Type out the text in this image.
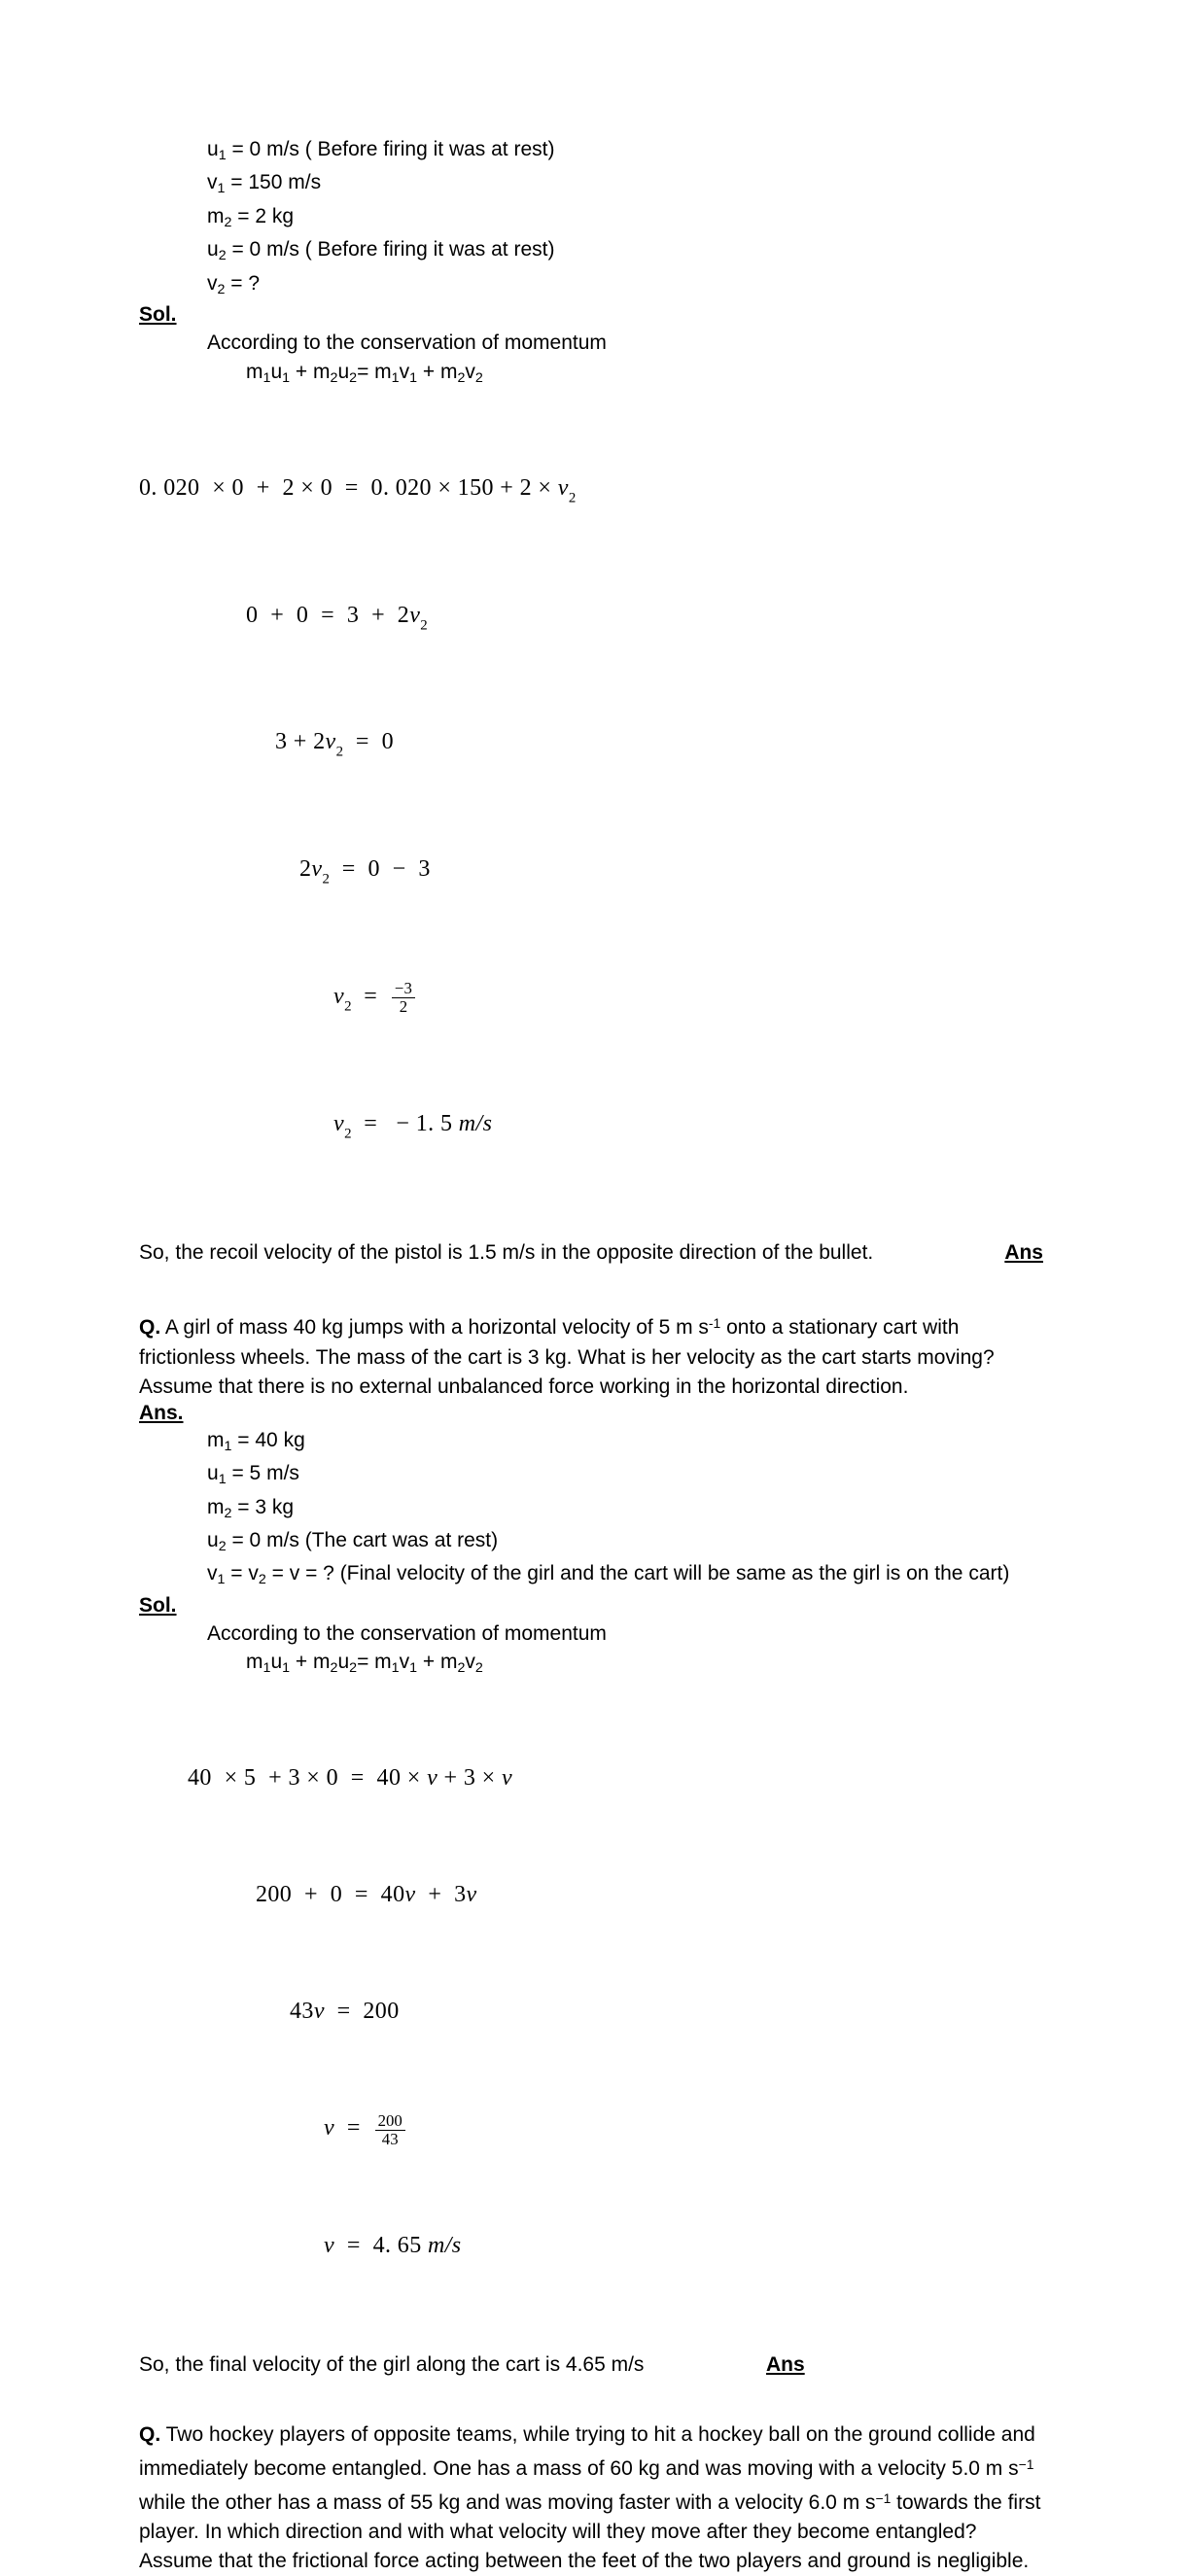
$u_1 = 0$ m/s ( Before firing it was at rest)
$v_1 = 150$ m/s
$m_2 = 2$ kg
$u_2 = 0$ m/s ( Before firing it was at rest)
$v_2$ = ?
Sol.
According to the conservation of momentum
$m_1u_1 + m_2u_2= m_1v_1 + m_2v_2$

0. 020  × 0  +  2 × 0  =  0. $020 \times 150 + 2 \times v_2$

$0 + 0 = 3 + 2v_2$

$3 + 2v_2 = 0$

$2v_2 = 0 - 3$

$v_2 = \frac{-3}{2}$

$v_2$  =   − 1. 5 m/s

So, the recoil velocity of the pistol is 1.5 m/s in the opposite direction of the bullet.	Ans
Q. A girl of mass 40 kg jumps with a horizontal velocity of 5 m $s^{-1}$ onto a stationary cart with frictionless wheels. The mass of the cart is 3 kg. What is her velocity as the cart starts moving? Assume that there is no external unbalanced force working in the horizontal direction.
Ans.
$m_1 = 40$ kg
$u_1 = 5$ m/s
$m_2 = 3$ kg
$u_2 = 0$ m/s (The cart was at rest)
$v_1 = v_2 = v$ = ? (Final velocity of the girl and the cart will be same as the girl is on the cart)
Sol.
According to the conservation of momentum
$m_1u_1 + m_2u_2= m_1v_1 + m_2v_2$

40  × 5  + 3 × 0  =  40 × v + 3 × v

200  +  0  =  40v  +  3v

43v  =  200

$v = \frac{200}{43}$

v  =  4. 65 m/s

So, the final velocity of the girl along the cart is 4.65 m/s	Ans
Q. Two hockey players of opposite teams, while trying to hit a hockey ball on the ground collide and immediately become entangled. One has a mass of 60 kg and was moving with a velocity 5.0 m $s^{-1}$ while the other has a mass of 55 kg and was moving faster with a velocity 6.0 m $s^{-1}$ towards the first player. In which direction and with what velocity will they move after they become entangled? Assume that the frictional force acting between the feet of the two players and ground is negligible.
